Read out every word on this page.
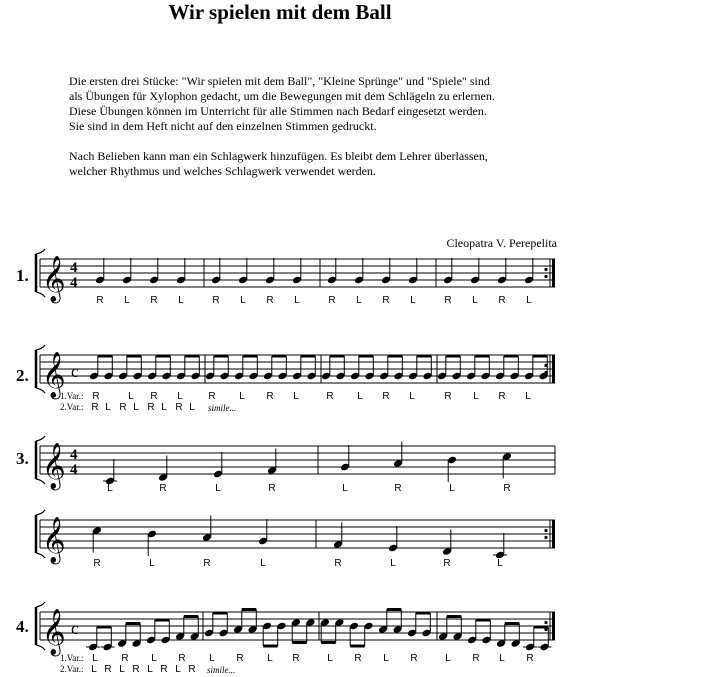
Wir spielen mit dem Ball

Die ersten drei Stücke: "Wir spielen mit dem Ball", "Kleine Sprünge" und "Spiele" sind
als Übungen für Xylophon gedacht, um die Bewegungen mit dem Schlägeln zu erlernen.
Diese Übungen können im Unterricht für alle Stimmen nach Bedarf eingesetzt werden.
Sie sind in dem Heft nicht auf den einzelnen Stimmen gedruckt.

Nach Belieben kann man ein Schlagwerk hinzufügen. Es bleibt dem Lehrer überlassen,
welcher Rhythmus und welches Schlagwerk verwendet werden.

Cleopatra V. Perepelita
1.
2.
3.
4.
𝄞 4
4
R L R L	R L R L	R L R L	R L R L
𝄞 c
1.Var.:
2.Var.:
R	L R L	R L R L	R L R L	R L R L
R L R L R L R L simile...
𝄞 4
4
L	R	L	R	L	R	L	R
𝄞
R	L	R	L	R	L	R	L
𝄞 c
1.Var.:
2.Var.:
L R L R L R L R	L R L R	L R L R
L R L R L R L R simile...
